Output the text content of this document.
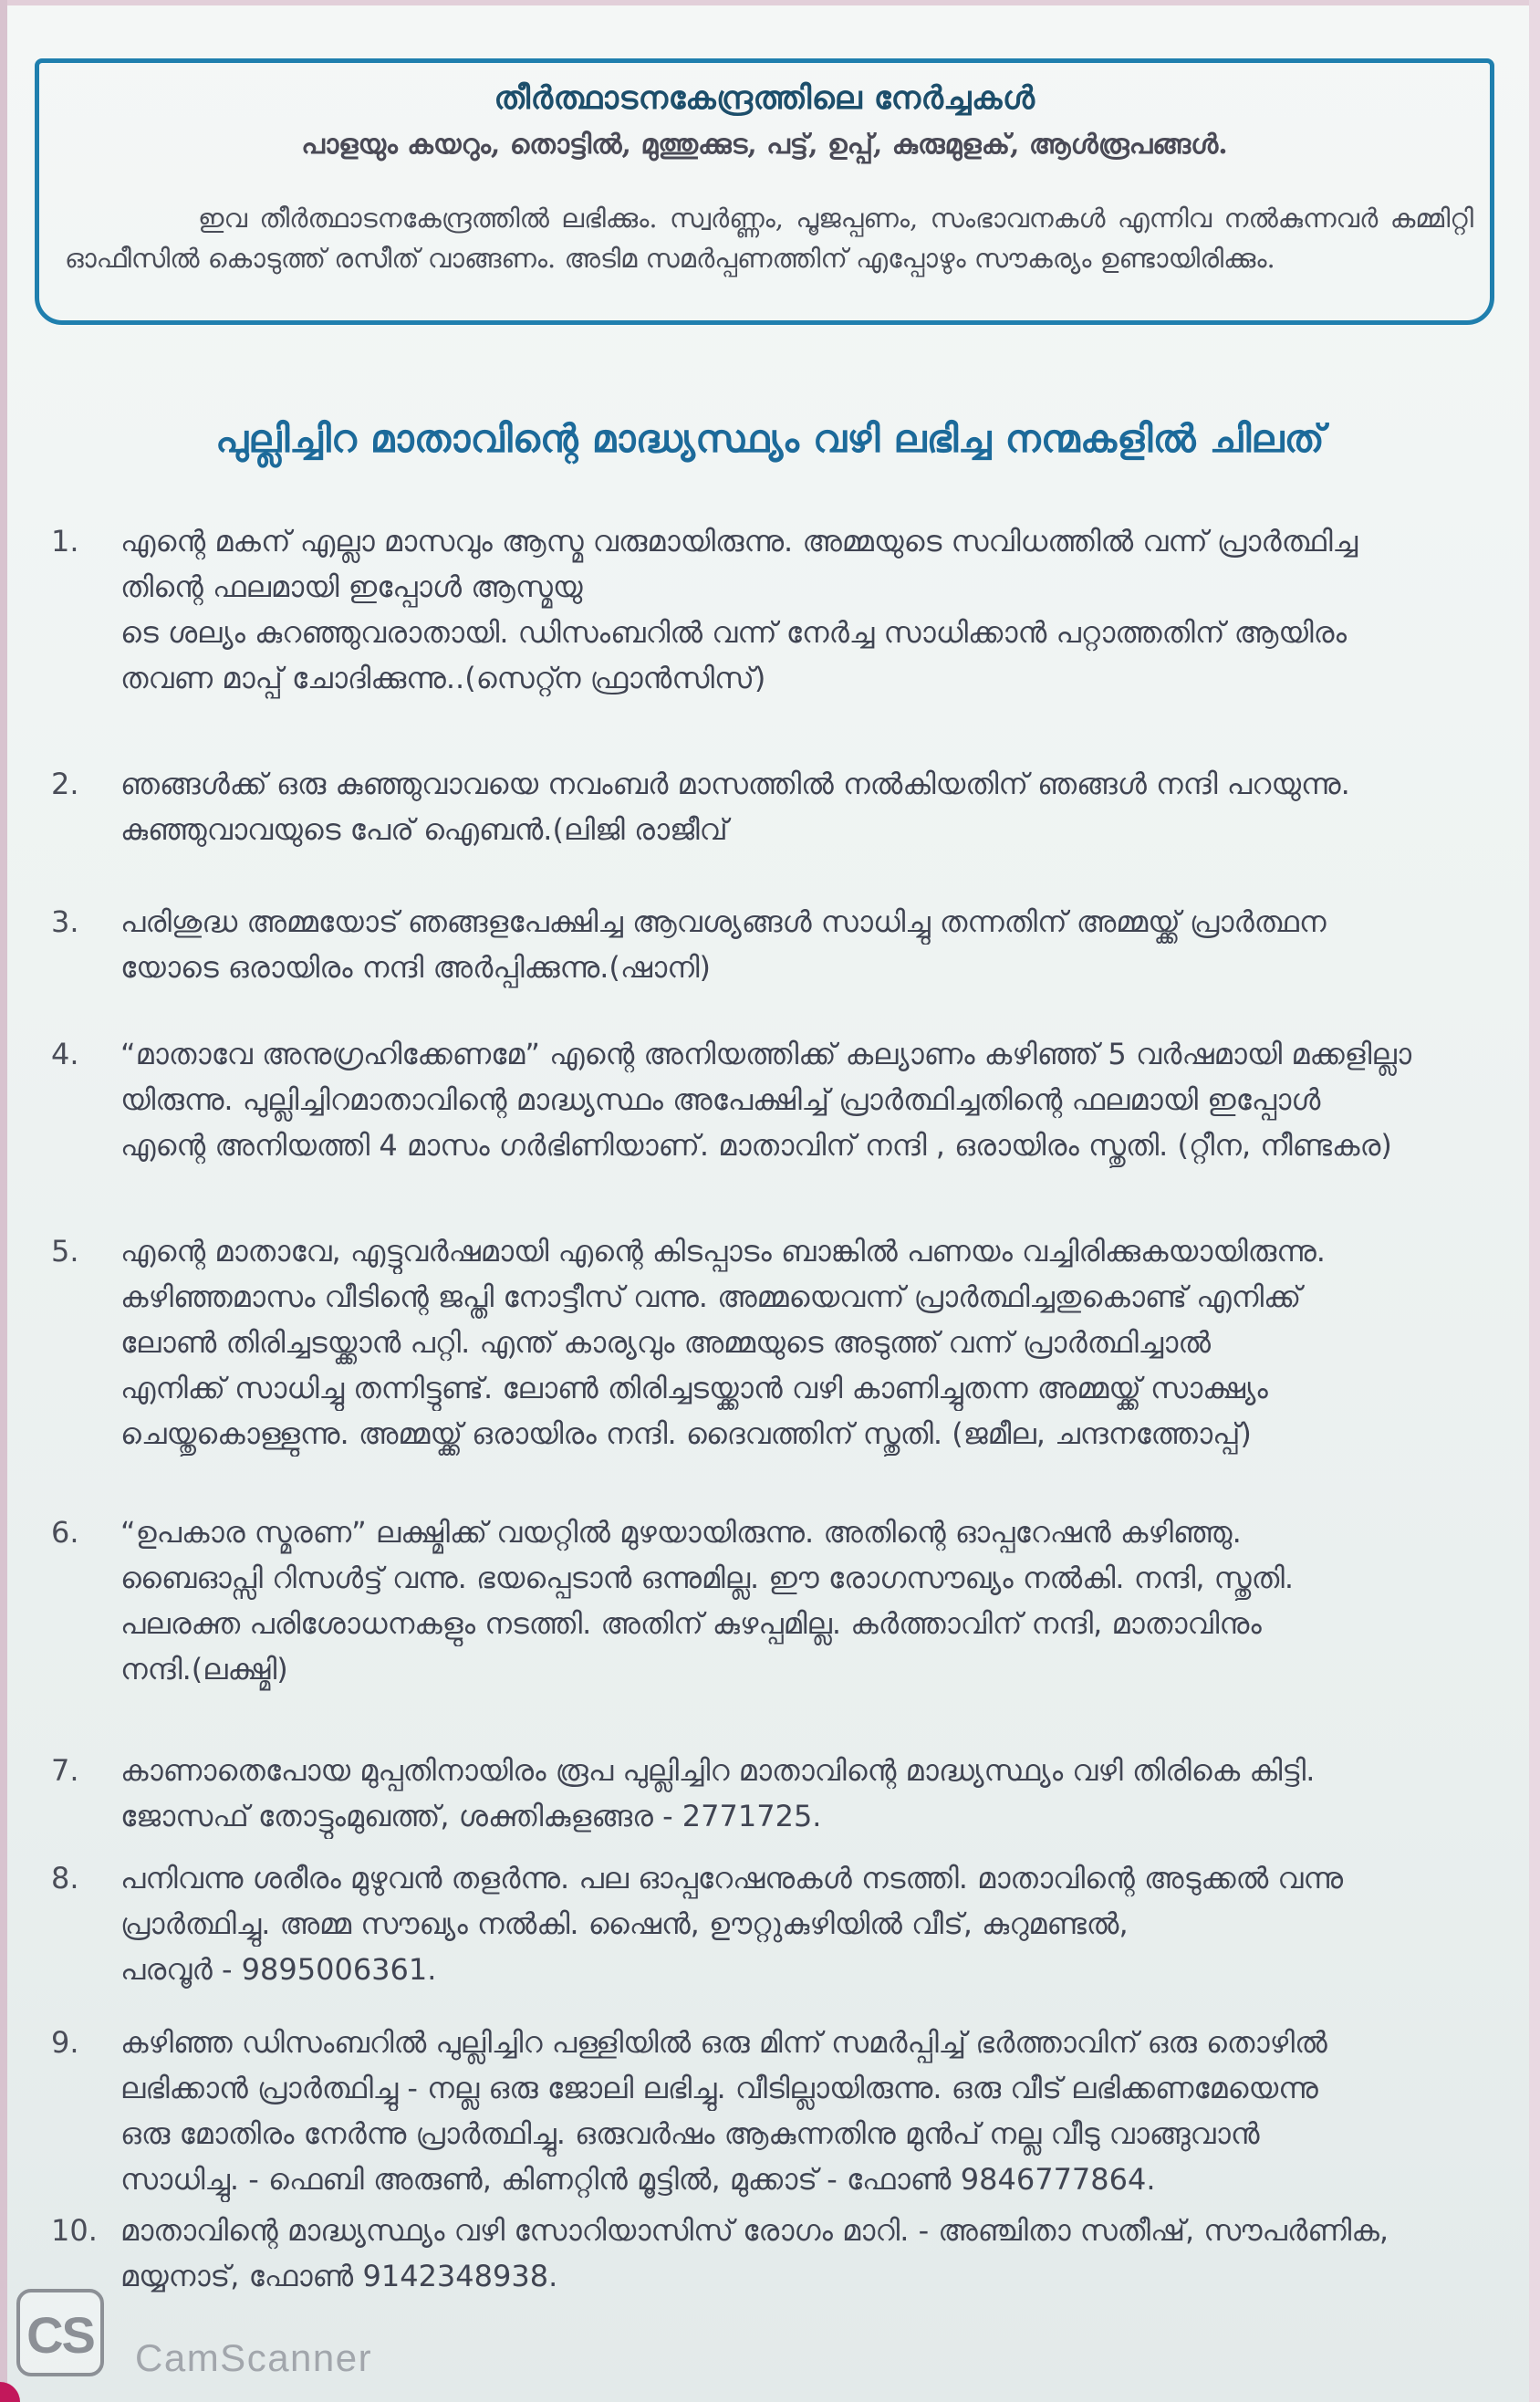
തീർത്ഥാടനകേന്ദ്രത്തിലെ നേർച്ചകൾ
പാളയും കയറും, തൊട്ടിൽ, മുത്തുക്കുട, പട്ട്, ഉപ്പ്, കുരുമുളക്, ആൾരൂപങ്ങൾ.
ഇവ തീർത്ഥാടനകേന്ദ്രത്തിൽ ലഭിക്കും. സ്വർണ്ണം, പൂജപ്പണം, സംഭാവനകൾ എന്നിവ നൽകുന്നവർ കമ്മിറ്റി ഓഫീസിൽ കൊടുത്ത് രസീത് വാങ്ങണം. അടിമ സമർപ്പണത്തിന് എപ്പോഴും സൗകര്യം ഉണ്ടായിരിക്കും.
പുല്ലിച്ചിറ മാതാവിന്റെ മാദ്ധ്യസ്ഥ്യം വഴി ലഭിച്ച നന്മകളിൽ ചിലത്
1.	എന്റെ മകന് എല്ലാ മാസവും ആസ്മ വരുമായിരുന്നു. അമ്മയുടെ സവിധത്തിൽ വന്ന് പ്രാർത്ഥിച്ച
തിന്റെ ഫലമായി ഇപ്പോൾ ആസ്മയു
ടെ ശല്യം കുറഞ്ഞുവരാതായി. ഡിസംബറിൽ വന്ന് നേർച്ച സാധിക്കാൻ പറ്റാത്തതിന് ആയിരം
തവണ മാപ്പ് ചോദിക്കുന്നു..(സെറ്റ്ന ഫ്രാൻസിസ്)
2.	ഞങ്ങൾക്ക് ഒരു കുഞ്ഞുവാവയെ നവംബർ മാസത്തിൽ നൽകിയതിന് ഞങ്ങൾ നന്ദി പറയുന്നു.
കുഞ്ഞുവാവയുടെ പേര് ഐബൻ.(ലിജി രാജീവ്
3.	പരിശുദ്ധ അമ്മയോട് ഞങ്ങളപേക്ഷിച്ച ആവശ്യങ്ങൾ സാധിച്ചു തന്നതിന് അമ്മയ്ക്ക് പ്രാർത്ഥന
യോടെ ഒരായിരം നന്ദി അർപ്പിക്കുന്നു.(ഷാനി)
4.	“മാതാവേ അനുഗ്രഹിക്കേണമേ” എന്റെ അനിയത്തിക്ക് കല്യാണം കഴിഞ്ഞ് 5 വർഷമായി മക്കളില്ലാ
യിരുന്നു. പുല്ലിച്ചിറമാതാവിന്റെ മാദ്ധ്യസ്ഥം അപേക്ഷിച്ച് പ്രാർത്ഥിച്ചതിന്റെ ഫലമായി ഇപ്പോൾ
എന്റെ അനിയത്തി 4 മാസം ഗർഭിണിയാണ്. മാതാവിന് നന്ദി , ഒരായിരം സ്തുതി. (റ്റീന, നീണ്ടകര)
5.	എന്റെ മാതാവേ, എട്ടുവർഷമായി എന്റെ കിടപ്പാടം ബാങ്കിൽ പണയം വച്ചിരിക്കുകയായിരുന്നു.
കഴിഞ്ഞമാസം വീടിന്റെ ജപ്തി നോട്ടീസ് വന്നു. അമ്മയെവന്ന് പ്രാർത്ഥിച്ചതുകൊണ്ട് എനിക്ക്
ലോൺ തിരിച്ചടയ്ക്കാൻ പറ്റി. എന്ത് കാര്യവും അമ്മയുടെ അടുത്ത് വന്ന് പ്രാർത്ഥിച്ചാൽ
എനിക്ക് സാധിച്ചു തന്നിട്ടുണ്ട്. ലോൺ തിരിച്ചടയ്ക്കാൻ വഴി കാണിച്ചുതന്ന അമ്മയ്ക്ക് സാക്ഷ്യം
ചെയ്തുകൊള്ളുന്നു. അമ്മയ്ക്ക് ഒരായിരം നന്ദി. ദൈവത്തിന് സ്തുതി. (ജമീല, ചന്ദനത്തോപ്പ്)
6.	“ഉപകാര സ്മരണ” ലക്ഷ്മിക്ക് വയറ്റിൽ മുഴയായിരുന്നു. അതിന്റെ ഓപ്പറേഷൻ കഴിഞ്ഞു.
ബൈഓപ്സി റിസൾട്ട് വന്നു. ഭയപ്പെടാൻ ഒന്നുമില്ല. ഈ രോഗസൗഖ്യം നൽകി. നന്ദി, സ്തുതി.
പലരക്ത പരിശോധനകളും നടത്തി. അതിന് കുഴപ്പമില്ല. കർത്താവിന് നന്ദി, മാതാവിനും
നന്ദി.(ലക്ഷ്മി)
7.	കാണാതെപോയ മുപ്പതിനായിരം രൂപ പുല്ലിച്ചിറ മാതാവിന്റെ മാദ്ധ്യസ്ഥ്യം വഴി തിരികെ കിട്ടി.
ജോസഫ് തോട്ടുംമുഖത്ത്, ശക്തികുളങ്ങര - 2771725.
8.	പനിവന്നു ശരീരം മുഴുവൻ തളർന്നു. പല ഓപ്പറേഷനുകൾ നടത്തി. മാതാവിന്റെ അടുക്കൽ വന്നു
പ്രാർത്ഥിച്ചു. അമ്മ സൗഖ്യം നൽകി. ഷൈൻ, ഊറ്റുകുഴിയിൽ വീട്, കുറുമണ്ടൽ,
പരവൂർ - 9895006361.
9.	കഴിഞ്ഞ ഡിസംബറിൽ പുല്ലിച്ചിറ പള്ളിയിൽ ഒരു മിന്ന് സമർപ്പിച്ച് ഭർത്താവിന് ഒരു തൊഴിൽ
ലഭിക്കാൻ പ്രാർത്ഥിച്ചു - നല്ല ഒരു ജോലി ലഭിച്ചു. വീടില്ലായിരുന്നു. ഒരു വീട് ലഭിക്കണമേയെന്നു
ഒരു മോതിരം നേർന്നു പ്രാർത്ഥിച്ചു. ഒരുവർഷം ആകുന്നതിനു മുൻപ് നല്ല വീടു വാങ്ങുവാൻ
സാധിച്ചു. - ഫെബി അരുൺ, കിണറ്റിൻ മൂട്ടിൽ, മുക്കാട് - ഫോൺ 9846777864.
10. മാതാവിന്റെ മാദ്ധ്യസ്ഥ്യം വഴി സോറിയാസിസ് രോഗം മാറി. - അഞ്ചിതാ സതീഷ്, സൗപർണിക,
മയ്യനാട്, ഫോൺ 9142348938.
CS CamScanner
